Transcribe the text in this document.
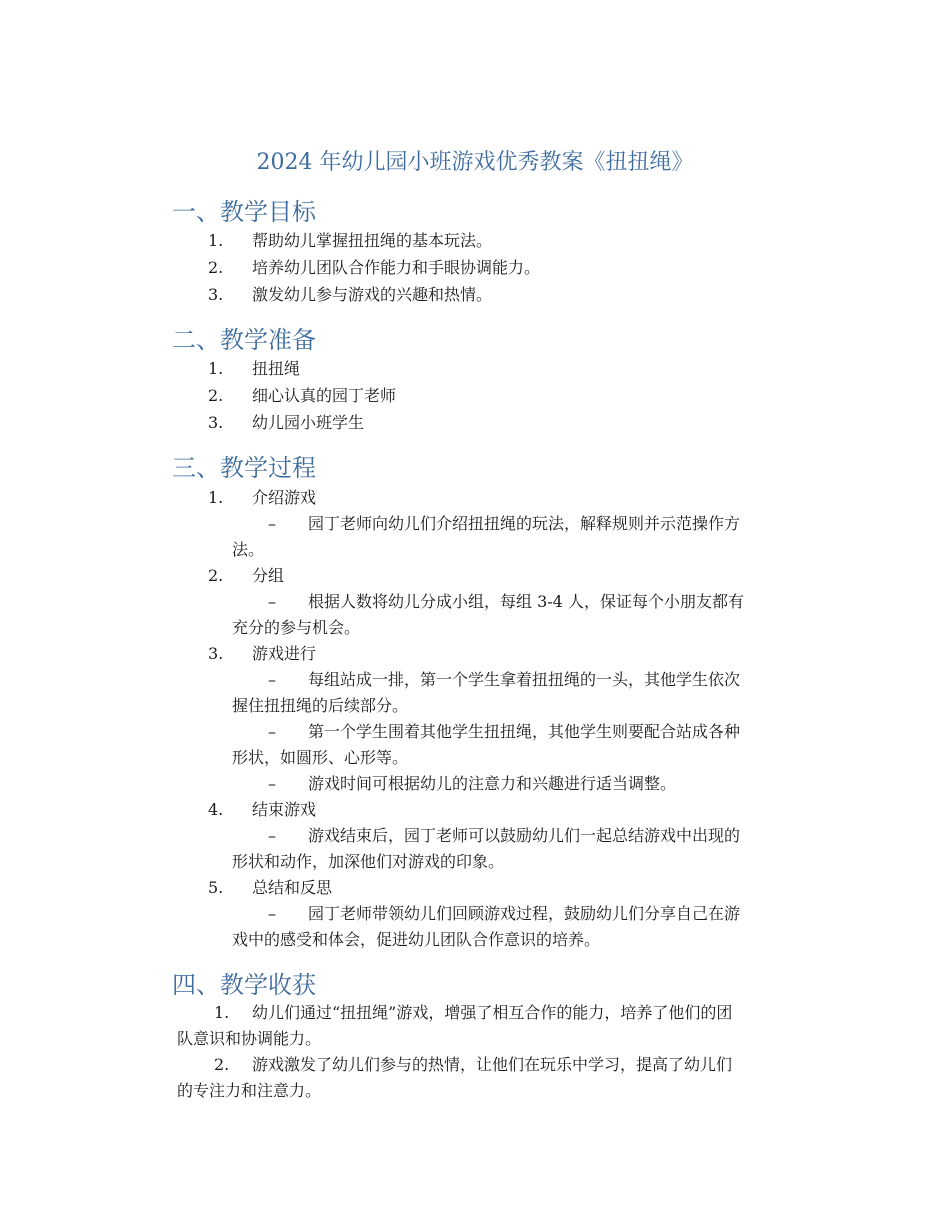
2024 年幼儿园小班游戏优秀教案《扭扭绳》
一、教学目标
1. 帮助幼儿掌握扭扭绳的基本玩法。
2. 培养幼儿团队合作能力和手眼协调能力。
3. 激发幼儿参与游戏的兴趣和热情。
二、教学准备
1. 扭扭绳
2. 细心认真的园丁老师
3. 幼儿园小班学生
三、教学过程
1. 介绍游戏
– 园丁老师向幼儿们介绍扭扭绳的玩法，解释规则并示范操作方
法。
2. 分组
– 根据人数将幼儿分成小组，每组 3-4 人，保证每个小朋友都有
充分的参与机会。
3. 游戏进行
– 每组站成一排，第一个学生拿着扭扭绳的一头，其他学生依次
握住扭扭绳的后续部分。
– 第一个学生围着其他学生扭扭绳，其他学生则要配合站成各种
形状，如圆形、心形等。
– 游戏时间可根据幼儿的注意力和兴趣进行适当调整。
4. 结束游戏
– 游戏结束后，园丁老师可以鼓励幼儿们一起总结游戏中出现的
形状和动作，加深他们对游戏的印象。
5. 总结和反思
– 园丁老师带领幼儿们回顾游戏过程，鼓励幼儿们分享自己在游
戏中的感受和体会，促进幼儿团队合作意识的培养。
四、教学收获
1. 幼儿们通过“扭扭绳”游戏，增强了相互合作的能力，培养了他们的团
队意识和协调能力。
2. 游戏激发了幼儿们参与的热情，让他们在玩乐中学习，提高了幼儿们
的专注力和注意力。
